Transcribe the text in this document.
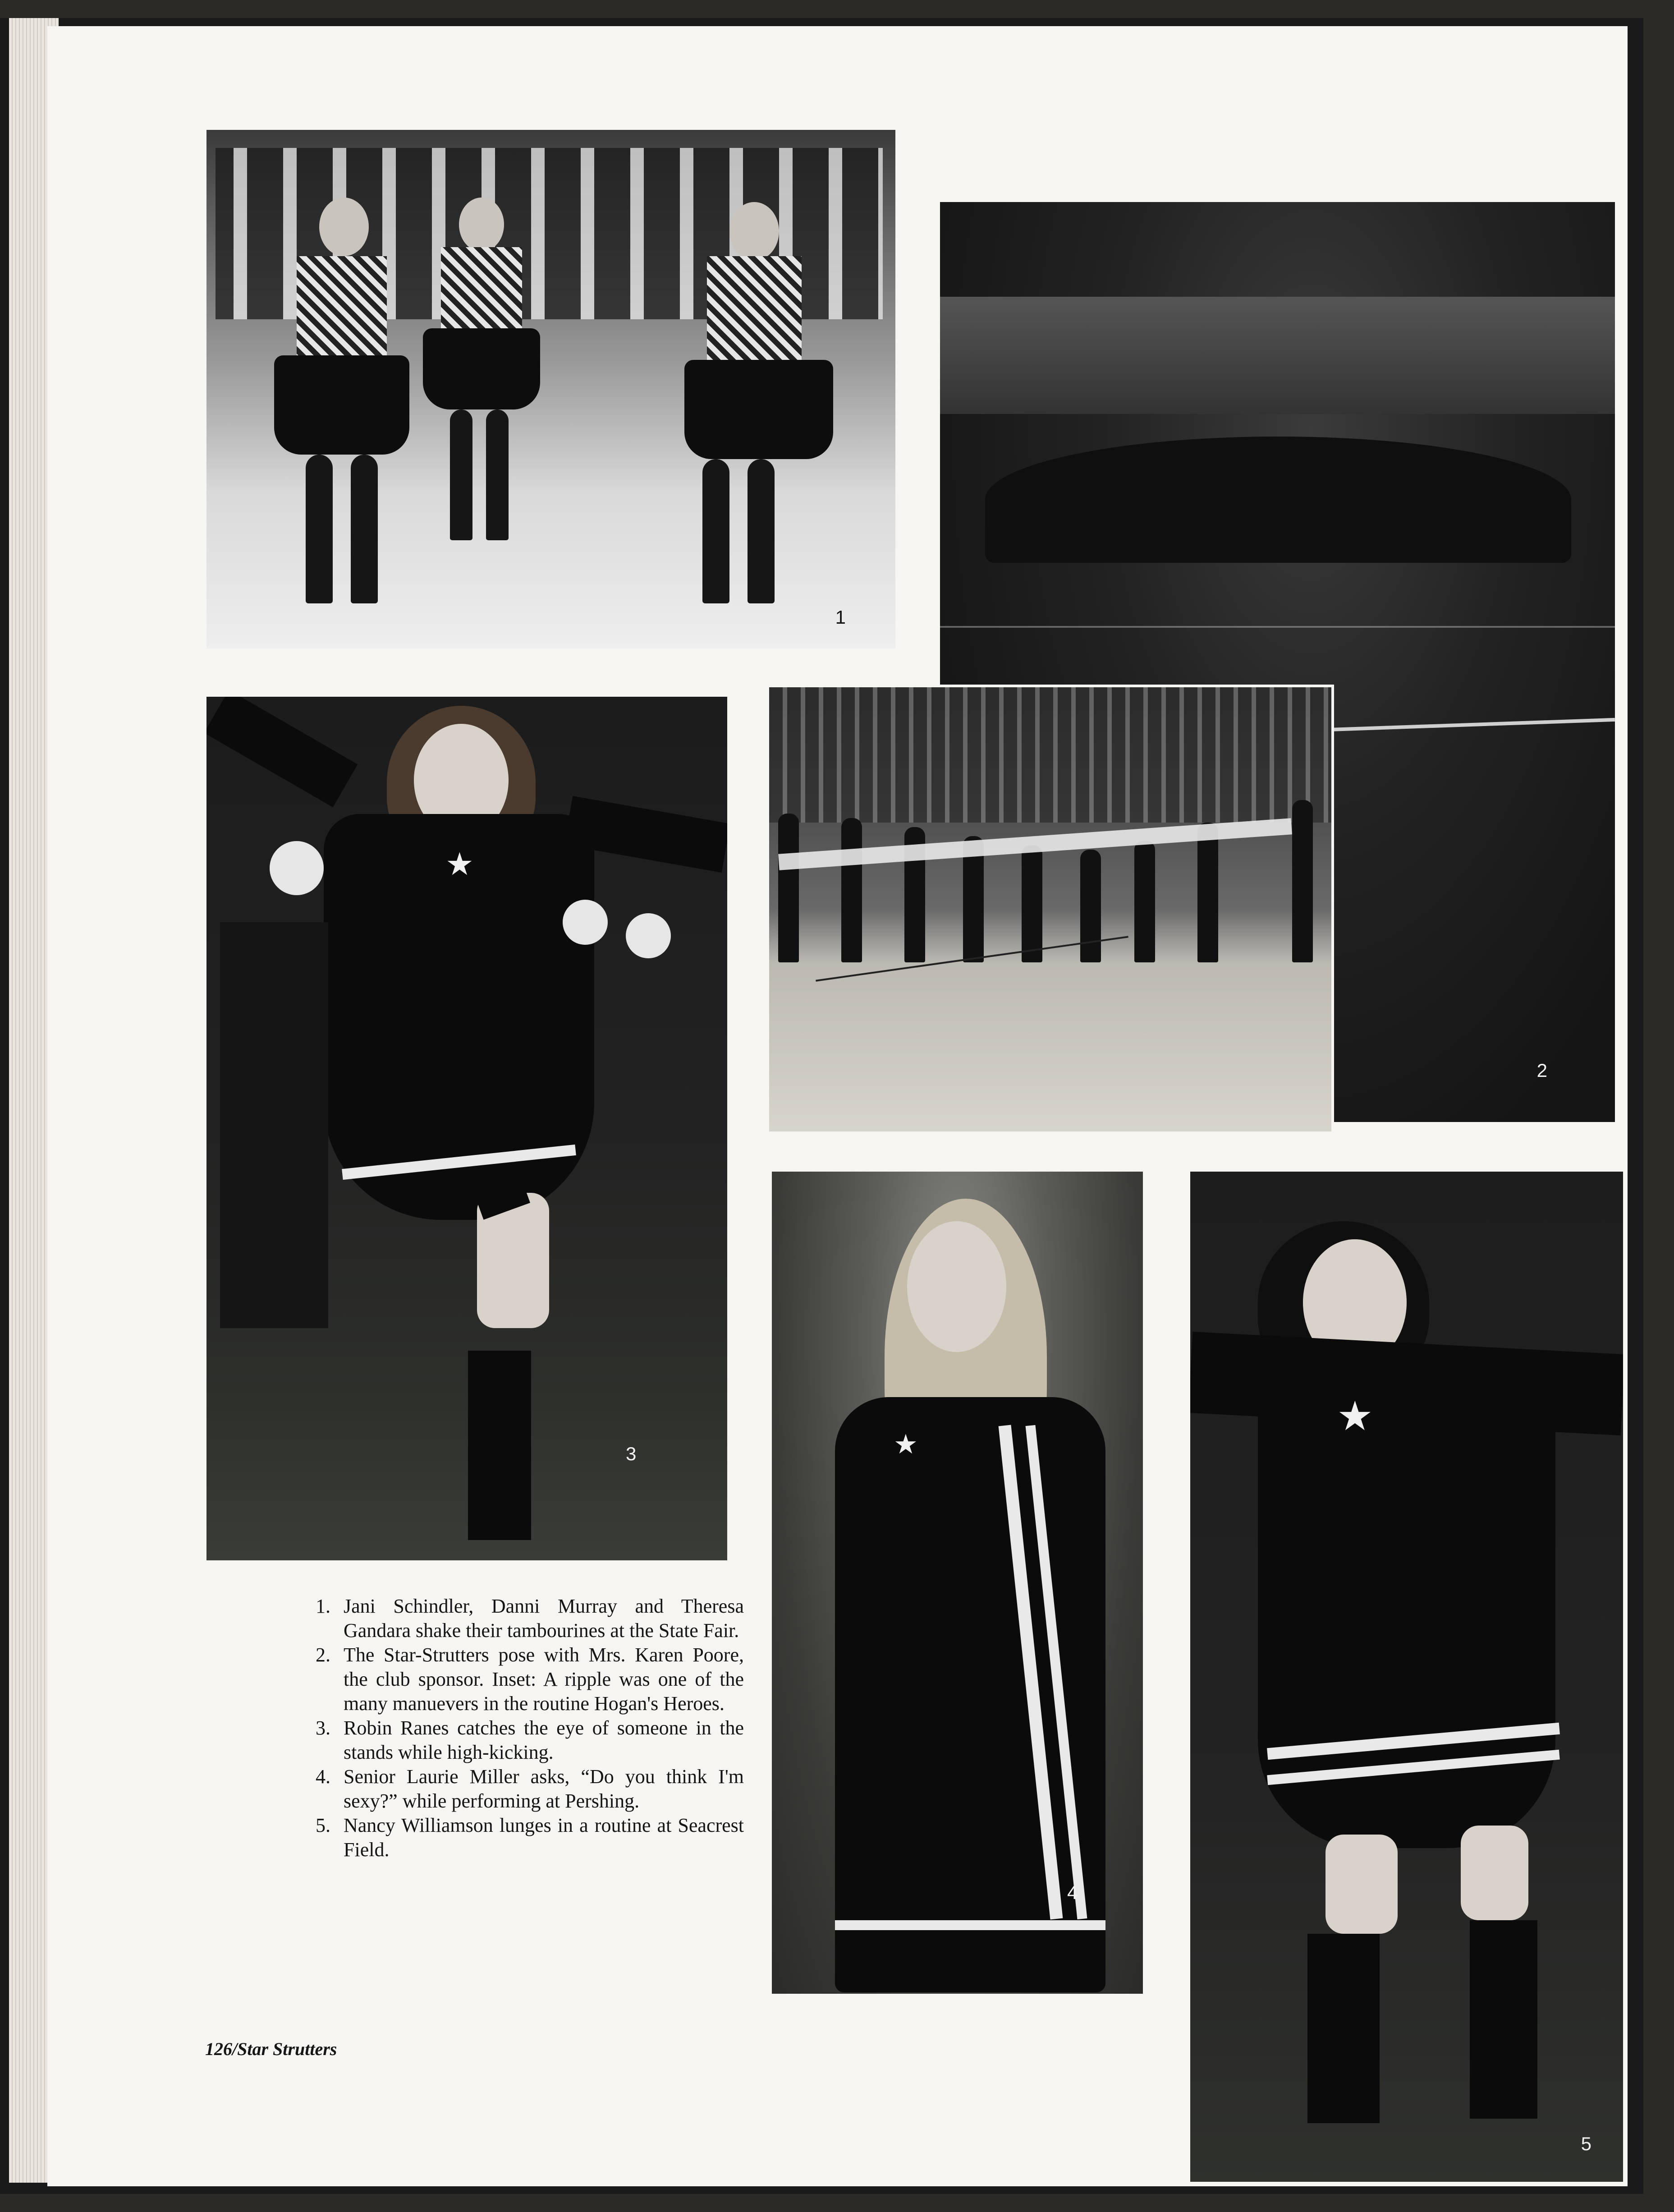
1
2
★
3	★
4
★
5
1. Jani Schindler, Danni Murray and Theresa Gandara shake their tambourines at the State Fair.
2. The Star-Strutters pose with Mrs. Karen Poore, the club sponsor. Inset: A ripple was one of the many manuevers in the routine Hogan's Heroes.
3. Robin Ranes catches the eye of someone in the stands while high-kicking.
4. Senior Laurie Miller asks, “Do you think I'm sexy?” while performing at Pershing.
5. Nancy Williamson lunges in a routine at Seacrest Field.
126/Star Strutters
